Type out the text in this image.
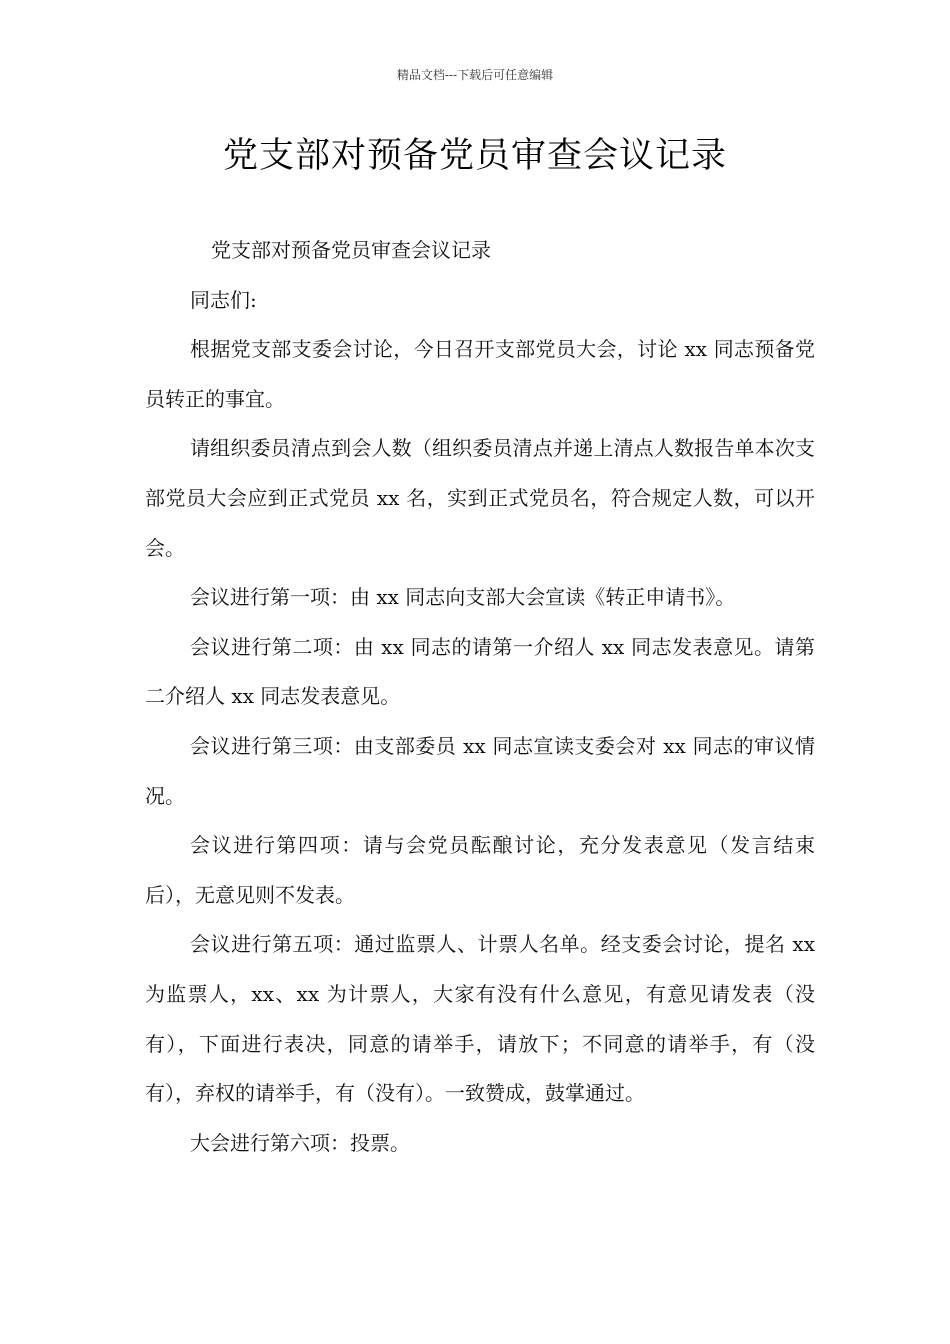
精品文档---下载后可任意编辑
党支部对预备党员审查会议记录

党支部对预备党员审查会议记录

同志们:

根据党支部支委会讨论，今日召开支部党员大会，讨论 xx 同志预备党员转正的事宜。

请组织委员清点到会人数（组织委员清点并递上清点人数报告单本次支部党员大会应到正式党员 xx 名，实到正式党员名，符合规定人数，可以开会。

会议进行第一项：由 xx 同志向支部大会宣读《转正申请书》。

会议进行第二项：由 xx 同志的请第一介绍人 xx 同志发表意见。请第二介绍人 xx 同志发表意见。

会议进行第三项：由支部委员 xx 同志宣读支委会对 xx 同志的审议情况。

会议进行第四项：请与会党员酝酿讨论，充分发表意见（发言结束后），无意见则不发表。

会议进行第五项：通过监票人、计票人名单。经支委会讨论，提名 xx 为监票人，xx、xx 为计票人，大家有没有什么意见，有意见请发表（没有），下面进行表决，同意的请举手，请放下；不同意的请举手，有（没有），弃权的请举手，有（没有）。一致赞成，鼓掌通过。

大会进行第六项：投票。
